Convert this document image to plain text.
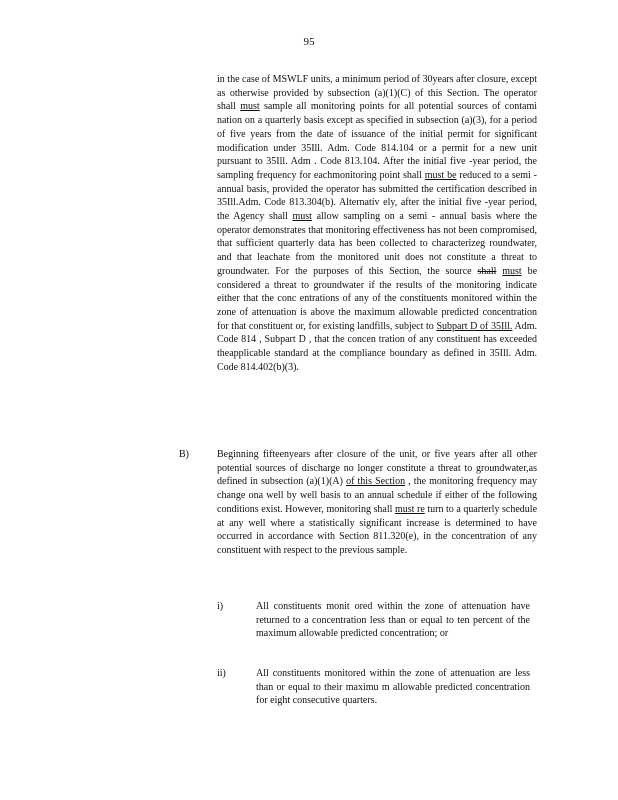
95
in the case of MSWLF units, a minimum period of 30years after closure, except as otherwise provided by subsection (a)(1)(C) of this Section. The operator shall must sample all monitoring points for all potential sources of contami nation on a quarterly basis except as specified in subsection (a)(3), for a period of five years from the date of issuance of the initial permit for significant modification under 35Ill. Adm. Code 814.104 or a permit for a new unit pursuant to 35Ill. Adm . Code 813.104. After the initial five -year period, the sampling frequency for eachmonitoring point shall must be reduced to a semi -annual basis, provided the operator has submitted the certification described in 35Ill.Adm. Code 813.304(b). Alternativ ely, after the initial five -year period, the Agency shall must allow sampling on a semi - annual basis where the operator demonstrates that monitoring effectiveness has not been compromised, that sufficient quarterly data has been collected to characterizeg roundwater, and that leachate from the monitored unit does not constitute a threat to groundwater. For the purposes of this Section, the source shall must be considered a threat to groundwater if the results of the monitoring indicate either that the conc entrations of any of the constituents monitored within the zone of attenuation is above the maximum allowable predicted concentration for that constituent or, for existing landfills, subject to Subpart D of 35Ill. Adm. Code 814 , Subpart D , that the concen tration of any constituent has exceeded theapplicable standard at the compliance boundary as defined in 35Ill. Adm. Code 814.402(b)(3).
B)	Beginning fifteenyears after closure of the unit, or five years after all other potential sources of discharge no longer constitute a threat to groundwater,as defined in subsection (a)(1)(A) of this Section , the monitoring frequency may change ona well by well basis to an annual schedule if either of the following conditions exist. However, monitoring shall must re turn to a quarterly schedule at any well where a statistically significant increase is determined to have occurred in accordance with Section 811.320(e), in the concentration of any constituent with respect to the previous sample.
i)	All constituents monit ored within the zone of attenuation have returned to a concentration less than or equal to ten percent of the maximum allowable predicted concentration; or
ii)	All constituents monitored within the zone of attenuation are less than or equal to their maximu m allowable predicted concentration for eight consecutive quarters.
